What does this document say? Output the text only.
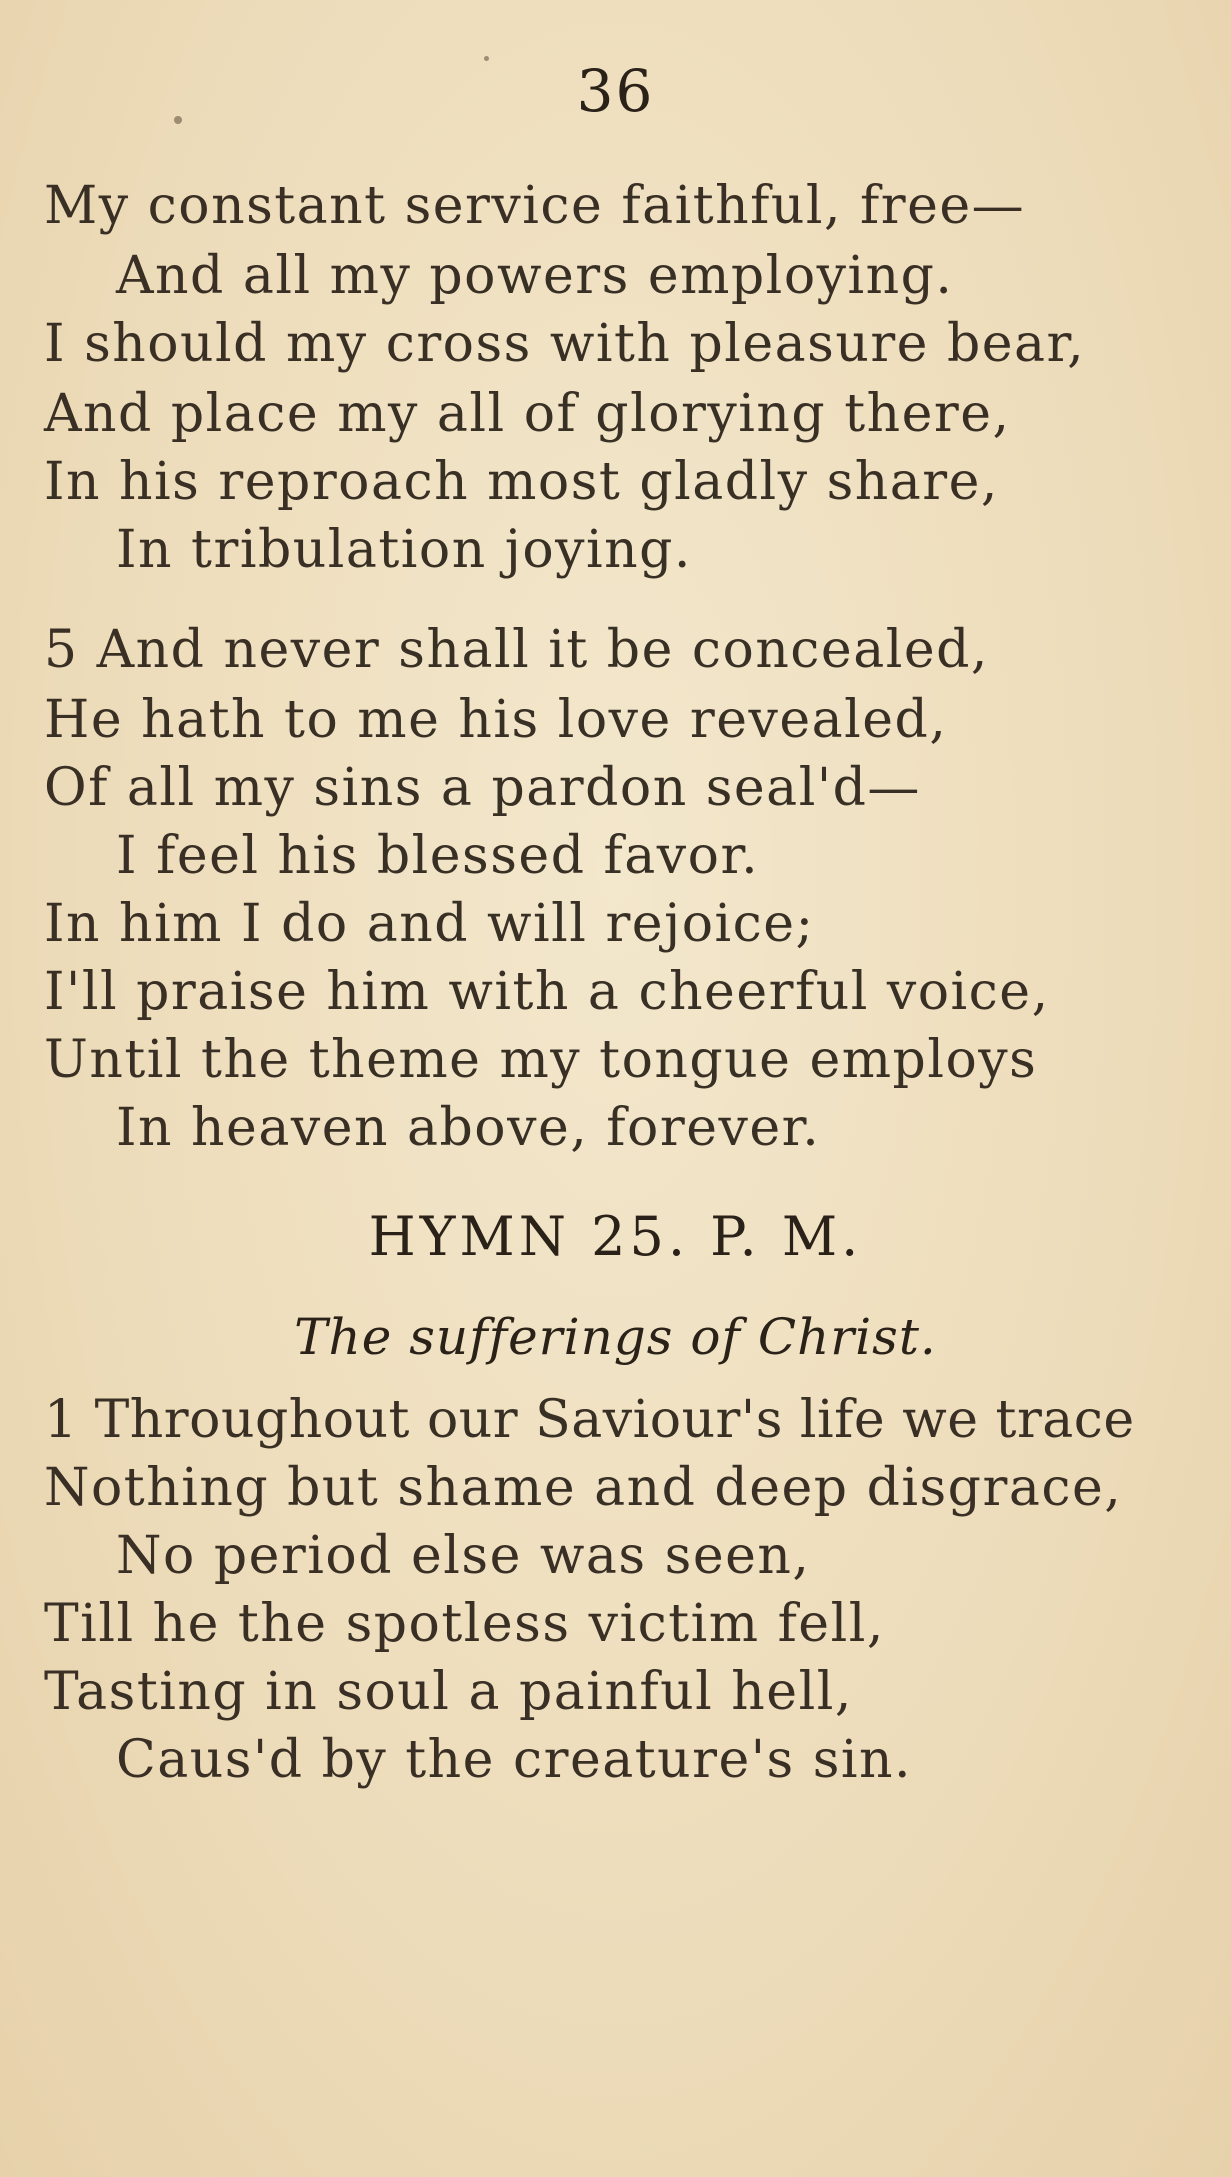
36
My constant service faithful, free—
And all my powers employing.
I should my cross with pleasure bear,
And place my all of glorying there,
In his reproach most gladly share,
In tribulation joying.
5 And never shall it be concealed,
He hath to me his love revealed,
Of all my sins a pardon seal'd—
I feel his blessed favor.
In him I do and will rejoice;
I'll praise him with a cheerful voice,
Until the theme my tongue employs
In heaven above, forever.
HYMN 25. P. M.
The sufferings of Christ.
1 Throughout our Saviour's life we trace
Nothing but shame and deep disgrace,
No period else was seen,
Till he the spotless victim fell,
Tasting in soul a painful hell,
Caus'd by the creature's sin.
